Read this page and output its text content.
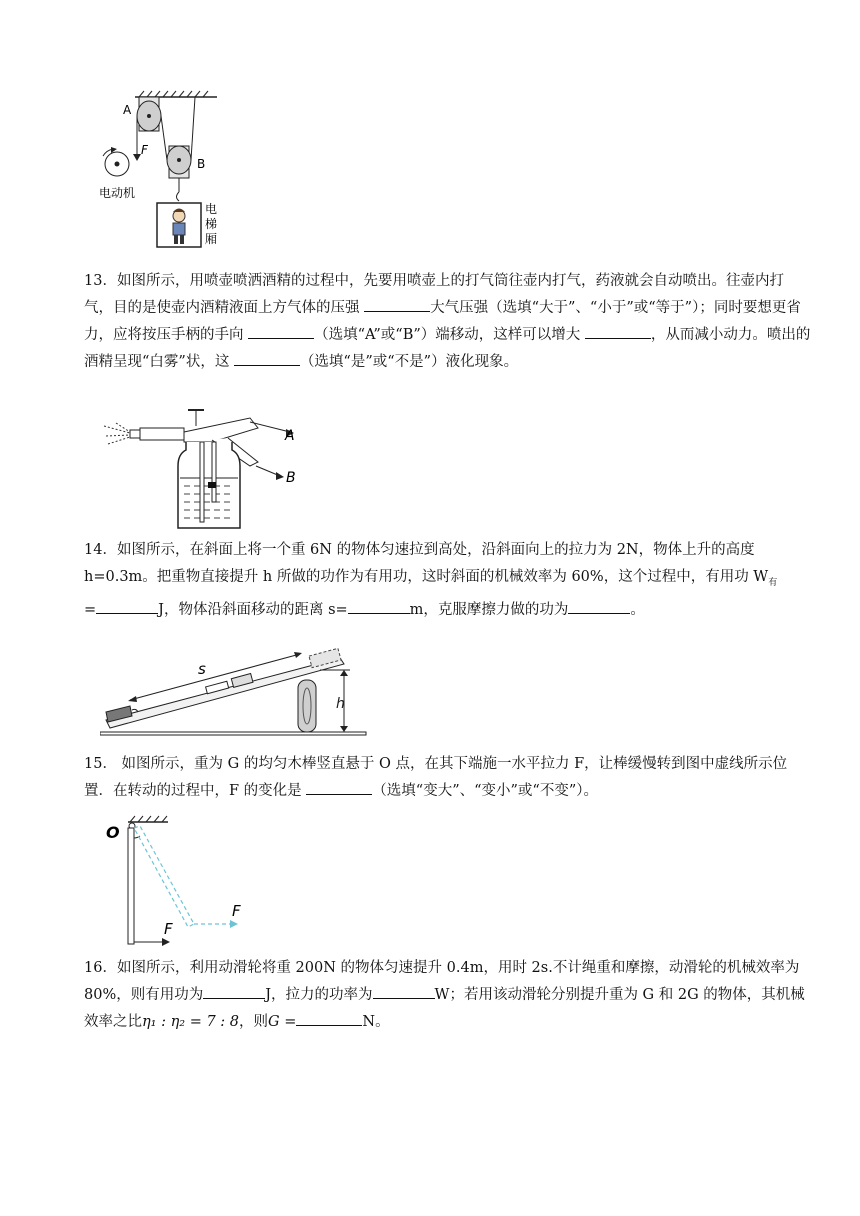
A
B
F
电动机
电
梯
厢

13．如图所示，用喷壶喷洒酒精的过程中，先要用喷壶上的打气筒往壶内打气，药液就会自动喷出。往壶内打气，目的是使壶内酒精液面上方气体的压强	大气压强（选填“大于”、“小于”或“等于”）；同时要想更省力，应将按压手柄的手向	（选填“A”或“B”）端移动，这样可以增大	，从而减小动力。喷出的酒精呈现“白雾”状，这	（选填“是”或“不是”）液化现象。

A
B

14．如图所示，在斜面上将一个重 6N 的物体匀速拉到高处，沿斜面向上的拉力为 2N，物体上升的高度 h=0.3m。把重物直接提升 h 所做的功作为有用功，这时斜面的机械效率为 60%，这个过程中，有用功 $W_有$
=	J，物体沿斜面移动的距离 s=	m，克服摩擦力做的功为	。

s
h

15． 如图所示，重为 G 的均匀木棒竖直悬于 O 点，在其下端施一水平拉力 F，让棒缓慢转到图中虚线所示位置．在转动的过程中，F 的变化是	（选填“变大”、“变小”或“不变”）。

O
F
F

16．如图所示，利用动滑轮将重 200N 的物体匀速提升 0.4m，用时 2s.不计绳重和摩擦，动滑轮的机械效率为 80%，则有用功为	J，拉力的功率为	W；若用该动滑轮分别提升重为 G 和 2G 的物体，其机械效率之比η₁ : η₂ = 7 : 8，则G =	N。
